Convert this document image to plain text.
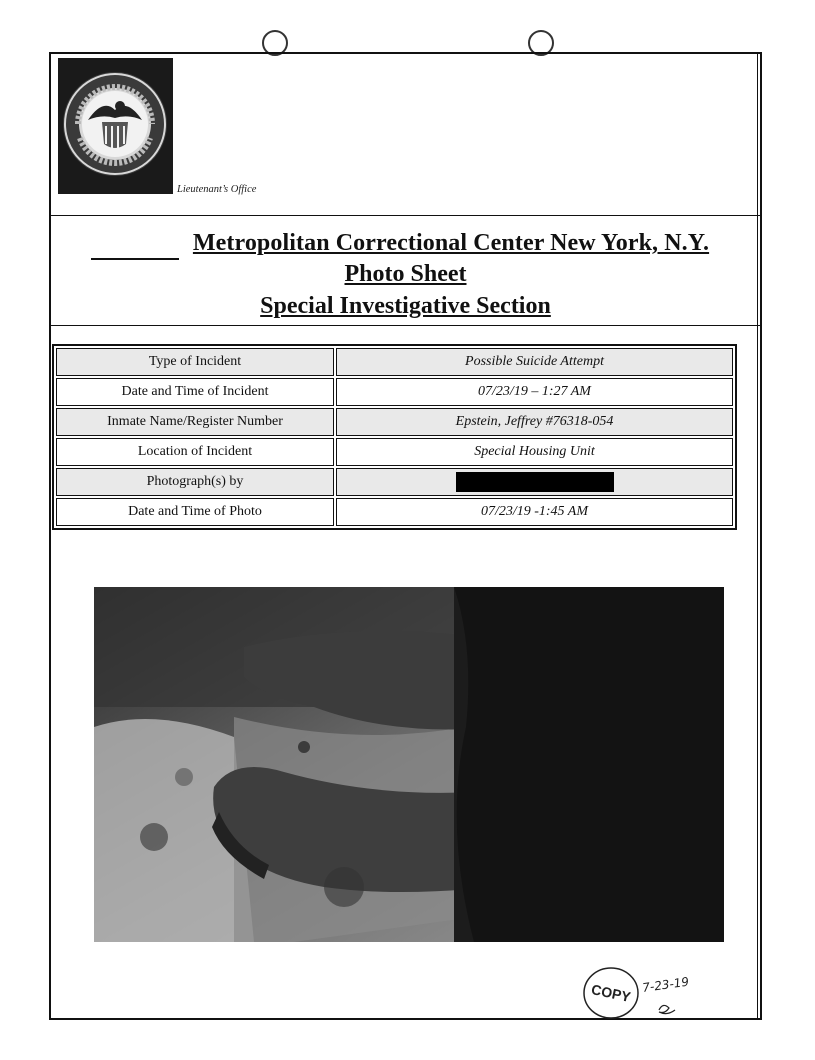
Lieutenant’s Office
Metropolitan Correctional Center New York, N.Y.
Photo Sheet
Special Investigative Section
Type of Incident	Possible Suicide Attempt
Date and Time of Incident	07/23/19 – 1:27 AM
Inmate Name/Register Number	Epstein, Jeffrey #76318-054
Location of Incident	Special Housing Unit
Photograph(s) by	
Date and Time of Photo	07/23/19 -1:45 AM
COPY 7-23-19
